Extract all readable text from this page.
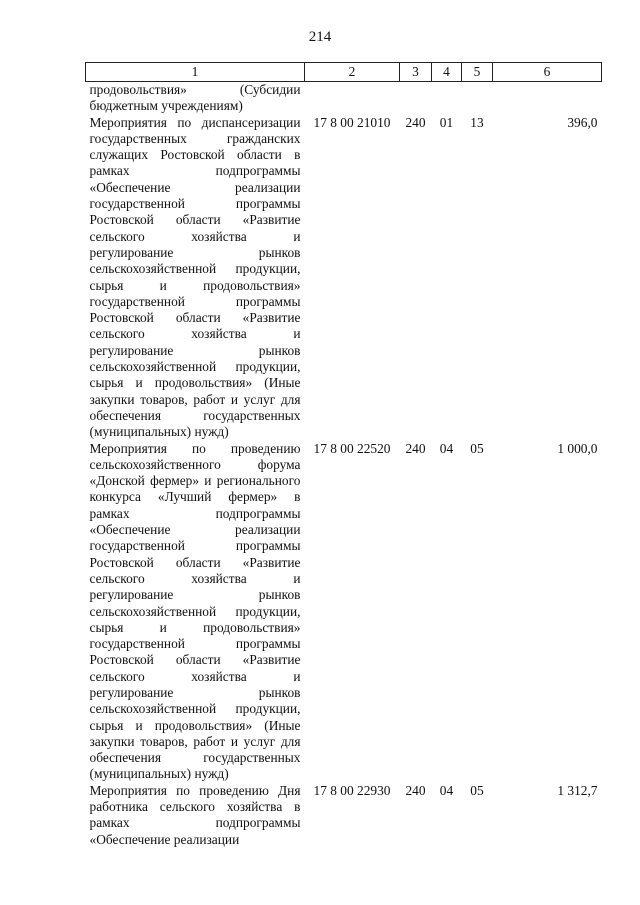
214
1	2	3	4	5	6
продовольствия» (Субсидии бюджетным учреждениям)					
Мероприятия по диспансеризации государственных гражданских служащих Ростовской области в рамках подпрограммы «Обеспечение реализации государственной программы Ростовской области «Развитие сельского хозяйства и регулирование рынков сельскохозяйственной продукции, сырья и продовольствия» государственной программы Ростовской области «Развитие сельского хозяйства и регулирование рынков сельскохозяйственной продукции, сырья и продовольствия» (Иные закупки товаров, работ и услуг для обеспечения государственных (муниципальных) нужд)	17 8 00 21010	240	01	13	396,0
Мероприятия по проведению сельскохозяйственного форума «Донской фермер» и регионального конкурса «Лучший фермер» в рамках подпрограммы «Обеспечение реализации государственной программы Ростовской области «Развитие сельского хозяйства и регулирование рынков сельскохозяйственной продукции, сырья и продовольствия» государственной программы Ростовской области «Развитие сельского хозяйства и регулирование рынков сельскохозяйственной продукции, сырья и продовольствия» (Иные закупки товаров, работ и услуг для обеспечения государственных (муниципальных) нужд)	17 8 00 22520	240	04	05	1 000,0
Мероприятия по проведению Дня работника сельского хозяйства в рамках подпрограммы «Обеспечение реализации	17 8 00 22930	240	04	05	1 312,7
